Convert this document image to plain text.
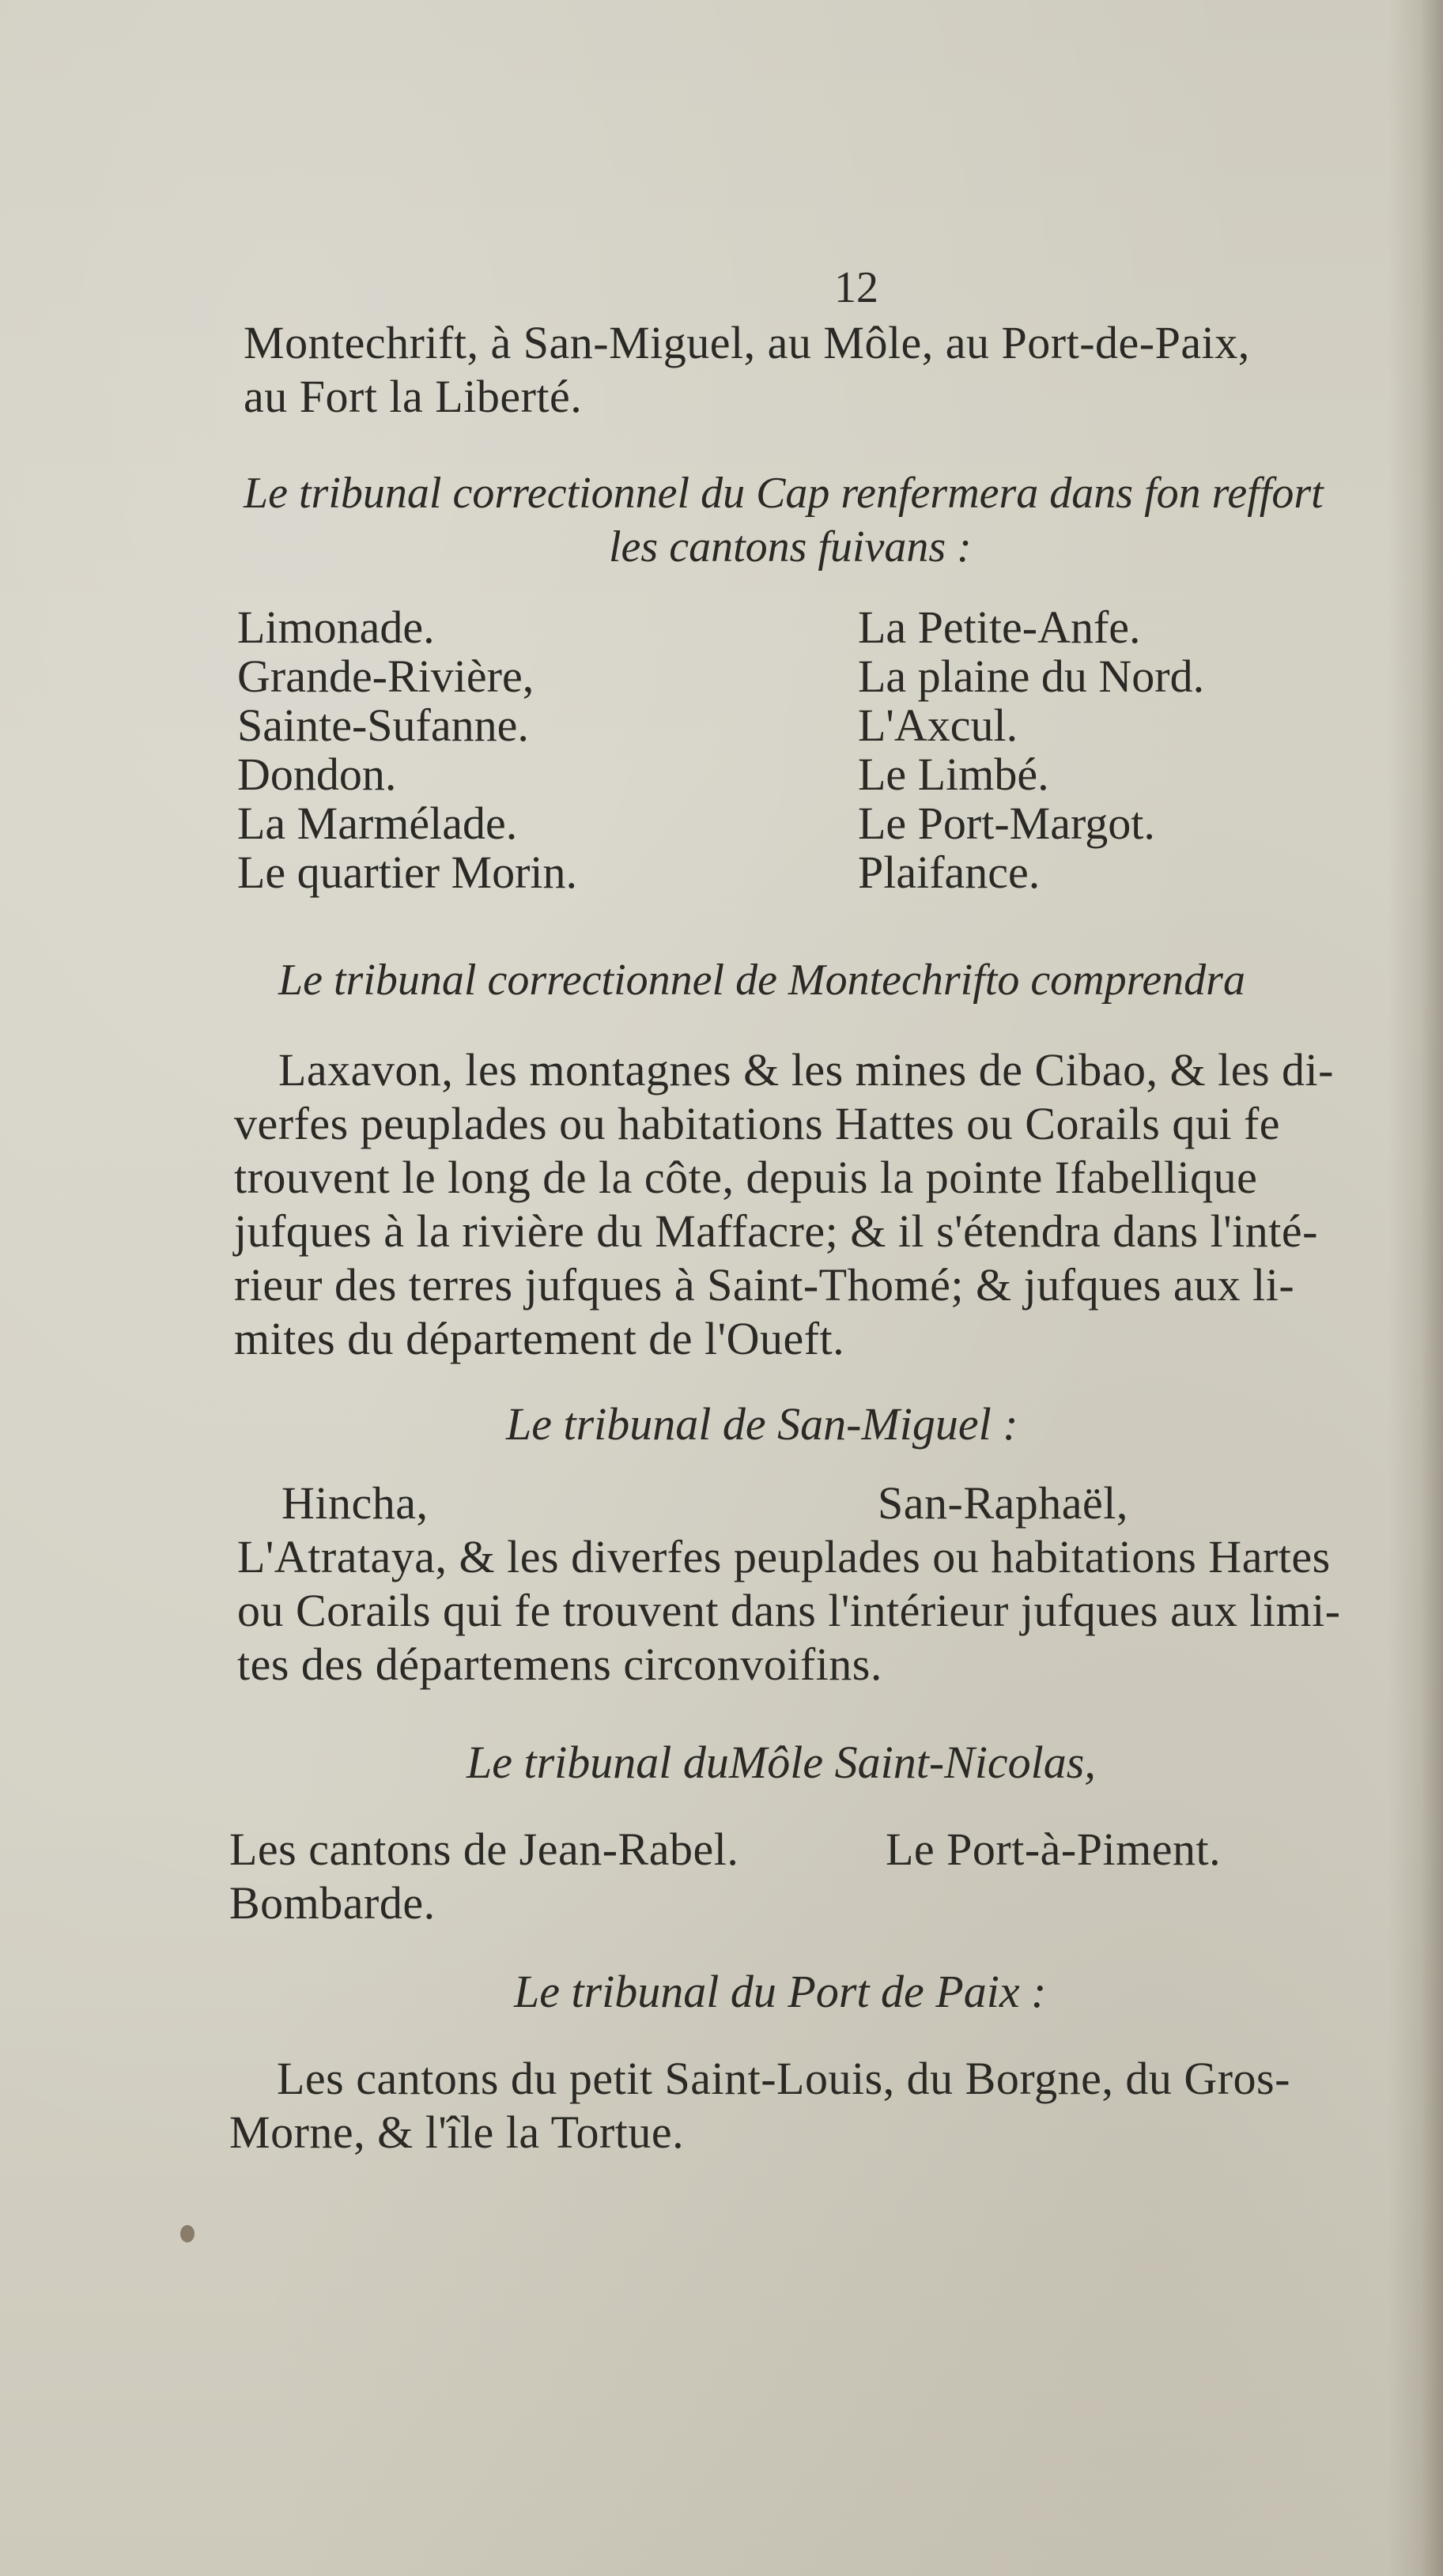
12
Montechrift, à San-Miguel, au Môle, au Port-de-Paix,
au Fort la Liberté.
Le tribunal correctionnel du Cap renfermera dans fon reffort
les cantons fuivans :
Limonade.
Grande-Rivière,
Sainte-Sufanne.
Dondon.
La Marmélade.
Le quartier Morin.
La Petite-Anfe.
La plaine du Nord.
L'Axcul.
Le Limbé.
Le Port-Margot.
Plaifance.
Le tribunal correctionnel de Montechrifto comprendra
Laxavon, les montagnes & les mines de Cibao, & les di-
verfes peuplades ou habitations Hattes ou Corails qui fe
trouvent le long de la côte, depuis la pointe Ifabellique
jufques à la rivière du Maffacre; & il s'étendra dans l'inté-
rieur des terres jufques à Saint-Thomé; & jufques aux li-
mites du département de l'Oueft.
Le tribunal de San-Miguel :
Hincha,	San-Raphaël,
L'Atrataya, & les diverfes peuplades ou habitations Hartes
ou Corails qui fe trouvent dans l'intérieur jufques aux limi-
tes des départemens circonvoifins.
Le tribunal duMôle Saint-Nicolas,
Les cantons de Jean-Rabel.	Le Port-à-Piment.
Bombarde.
Le tribunal du Port de Paix :
Les cantons du petit Saint-Louis, du Borgne, du Gros-
Morne, & l'île la Tortue.
